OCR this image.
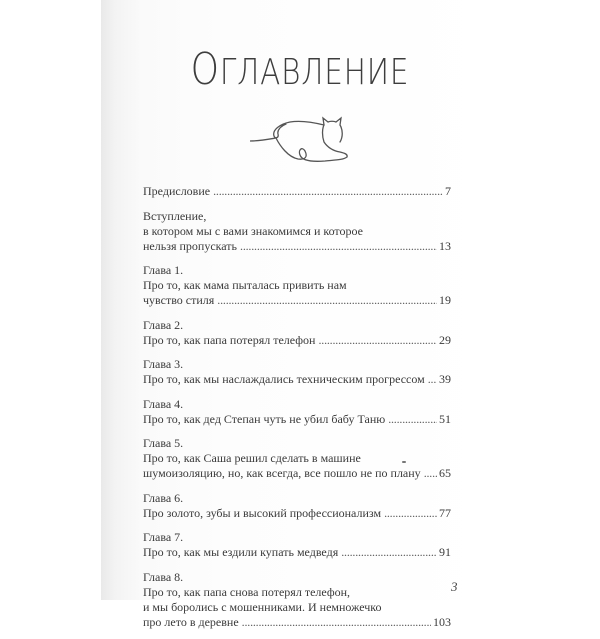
ОГЛАВЛЕНИЕ
Предисловие . . .	7
Вступление,
в котором мы с вами знакомимся и которое
нельзя пропускать . . .	13
Глава 1.
Про то, как мама пыталась привить нам
чувство стиля . . .	19
Глава 2.
Про то, как папа потерял телефон . . .	29
Глава 3.
Про то, как мы наслаждались техническим прогрессом . . . 39
Глава 4.
Про то, как дед Степан чуть не убил бабу Таню . . .	51
Глава 5.
Про то, как Саша решил сделать в машине
шумоизоляцию, но, как всегда, все пошло не по плану . . . 65
Глава 6.
Про золото, зубы и высокий профессионализм . . .	77
Глава 7.
Про то, как мы ездили купать медведя . . .	91
Глава 8.
Про то, как папа снова потерял телефон,
и мы боролись с мошенниками. И немножечко
про лето в деревне . . .	103
3
